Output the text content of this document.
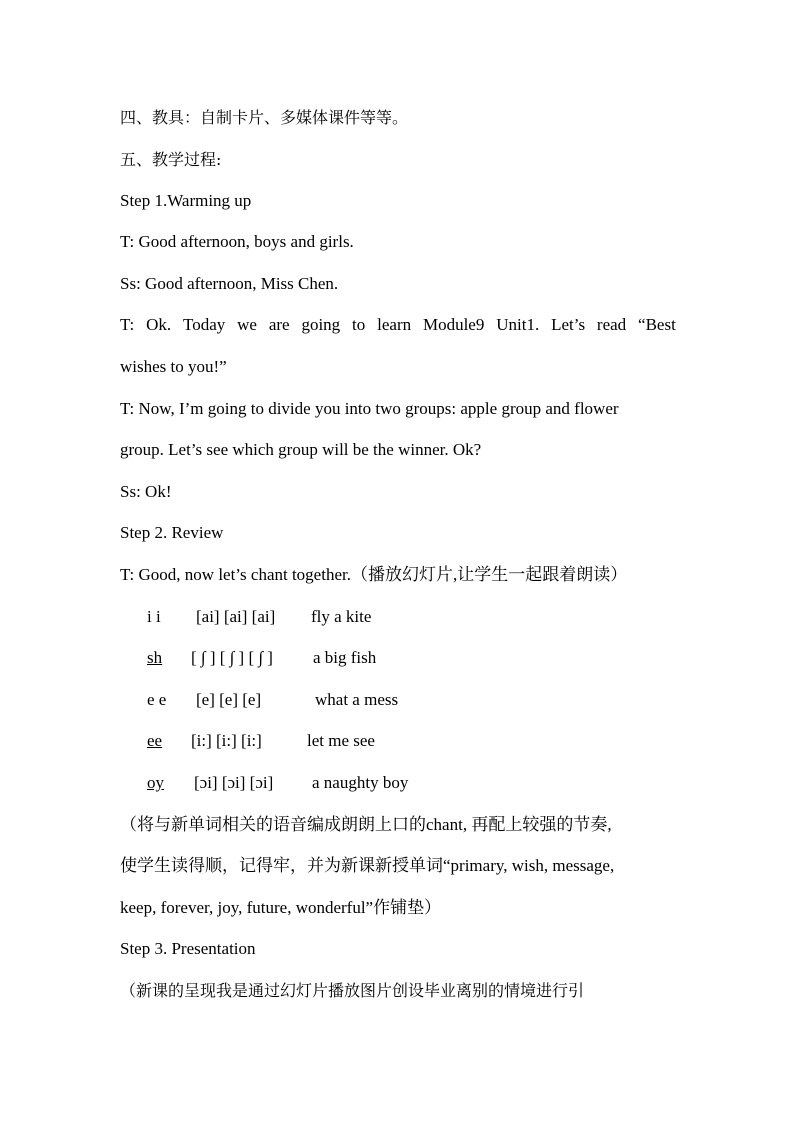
四、教具：自制卡片、多媒体课件等等。
五、教学过程:
Step 1.Warming up
T: Good afternoon, boys and girls.
Ss: Good afternoon, Miss Chen.
T: Ok. Today we are going to learn Module9 Unit1. Let’s read “Best
wishes to you!”
T: Now, I’m going to divide you into two groups: apple group and flower
group. Let’s see which group will be the winner. Ok?
Ss: Ok!
Step 2. Review
T: Good, now let’s chant together.（播放幻灯片,让学生一起跟着朗读）
i i [ai] [ai] [ai] fly a kite
sh [ ∫ ] [ ∫ ] [ ∫ ] a big fish
e e [e] [e] [e]	what a mess
ee [i:] [i:] [i:]	let me see
oy [ɔi] [ɔi] [ɔi] a naughty boy
（将与新单词相关的语音编成朗朗上口的chant, 再配上较强的节奏,
使学生读得顺，记得牢，并为新课新授单词“primary, wish, message,
keep, forever, joy, future, wonderful”作铺垫）
Step 3. Presentation
（新课的呈现我是通过幻灯片播放图片创设毕业离别的情境进行引
